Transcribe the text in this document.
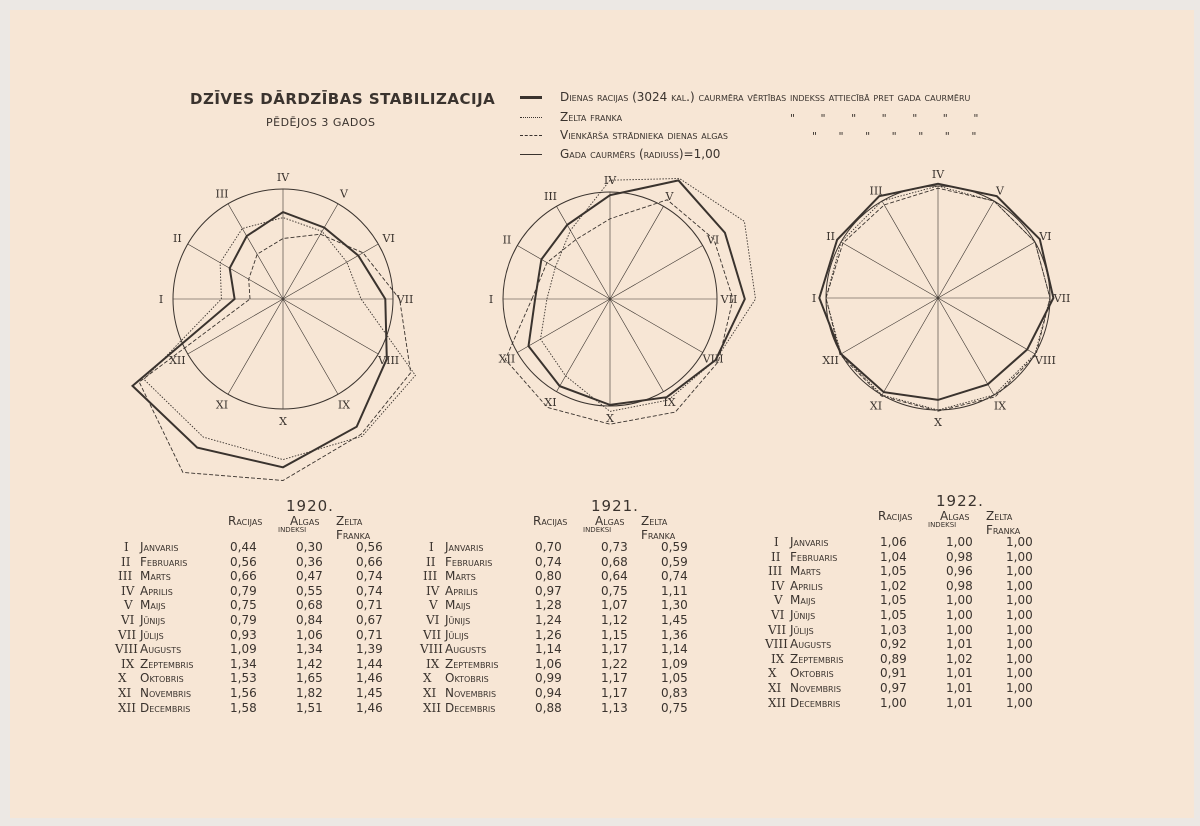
DZĪVES DĀRDZĪBAS STABILIZACIJA
PĒDĒJOS 3 GADOS
Dienas racijas (3024 kal.) caurmēra vērtības indekss attiecībā pret gada caurmēru
Zelta franka
Vienkārša strādnieka dienas algas
Gada caurmērs (radiuss)=1,00
" " " " " " "
" " " " " " "
I
II
III
IV
V
VI
VII
VIII
IX
X
XI
XII
I
II
III
IV
V
VI
VII
VIII
IX
X
XI
XII
I
II
III
IV
V
VI
VII
VIII
IX
X
XI
XII
1920.
Racijas Algas
indeksi
Zelta Franka
I Janvaris	0,44	0,30	0,56
II Februaris	0,56	0,36	0,66
III Marts	0,66	0,47	0,74
IV Aprilis	0,79	0,55	0,74
V Maijs	0,75	0,68	0,71
VI Jūnijs	0,79	0,84	0,67
VII Jūlijs	0,93	1,06	0,71
VIII Augusts	1,09	1,34	1,39
IX Zeptembris	1,34	1,42	1,44
X Oktobris	1,53	1,65	1,46
XI Novembris	1,56	1,82	1,45
XII Decembris	1,58	1,51	1,46
1921.
Racijas Algas
indeksi
Zelta Franka
I Janvaris	0,70	0,73	0,59
II Februaris	0,74	0,68	0,59
III Marts	0,80	0,64	0,74
IV Aprilis	0,97	0,75	1,11
V Maijs	1,28	1,07	1,30
VI Jūnijs	1,24	1,12	1,45
VII Jūlijs	1,26	1,15	1,36
VIII Augusts	1,14	1,17	1,14
IX Zeptembris	1,06	1,22	1,09
X Oktobris	0,99	1,17	1,05
XI Novembris	0,94	1,17	0,83
XII Decembris	0,88	1,13	0,75
1922.
Racijas Algas
indeksi
Zelta Franka
I Janvaris	1,06	1,00	1,00
II Februaris	1,04	0,98	1,00
III Marts	1,05	0,96	1,00
IV Aprilis	1,02	0,98	1,00
V Maijs	1,05	1,00	1,00
VI Jūnijs	1,05	1,00	1,00
VII Jūlijs	1,03	1,00	1,00
VIII Augusts	0,92	1,01	1,00
IX Zeptembris	0,89	1,02	1,00
X Oktobris	0,91	1,01	1,00
XI Novembris	0,97	1,01	1,00
XII Decembris	1,00	1,01	1,00
